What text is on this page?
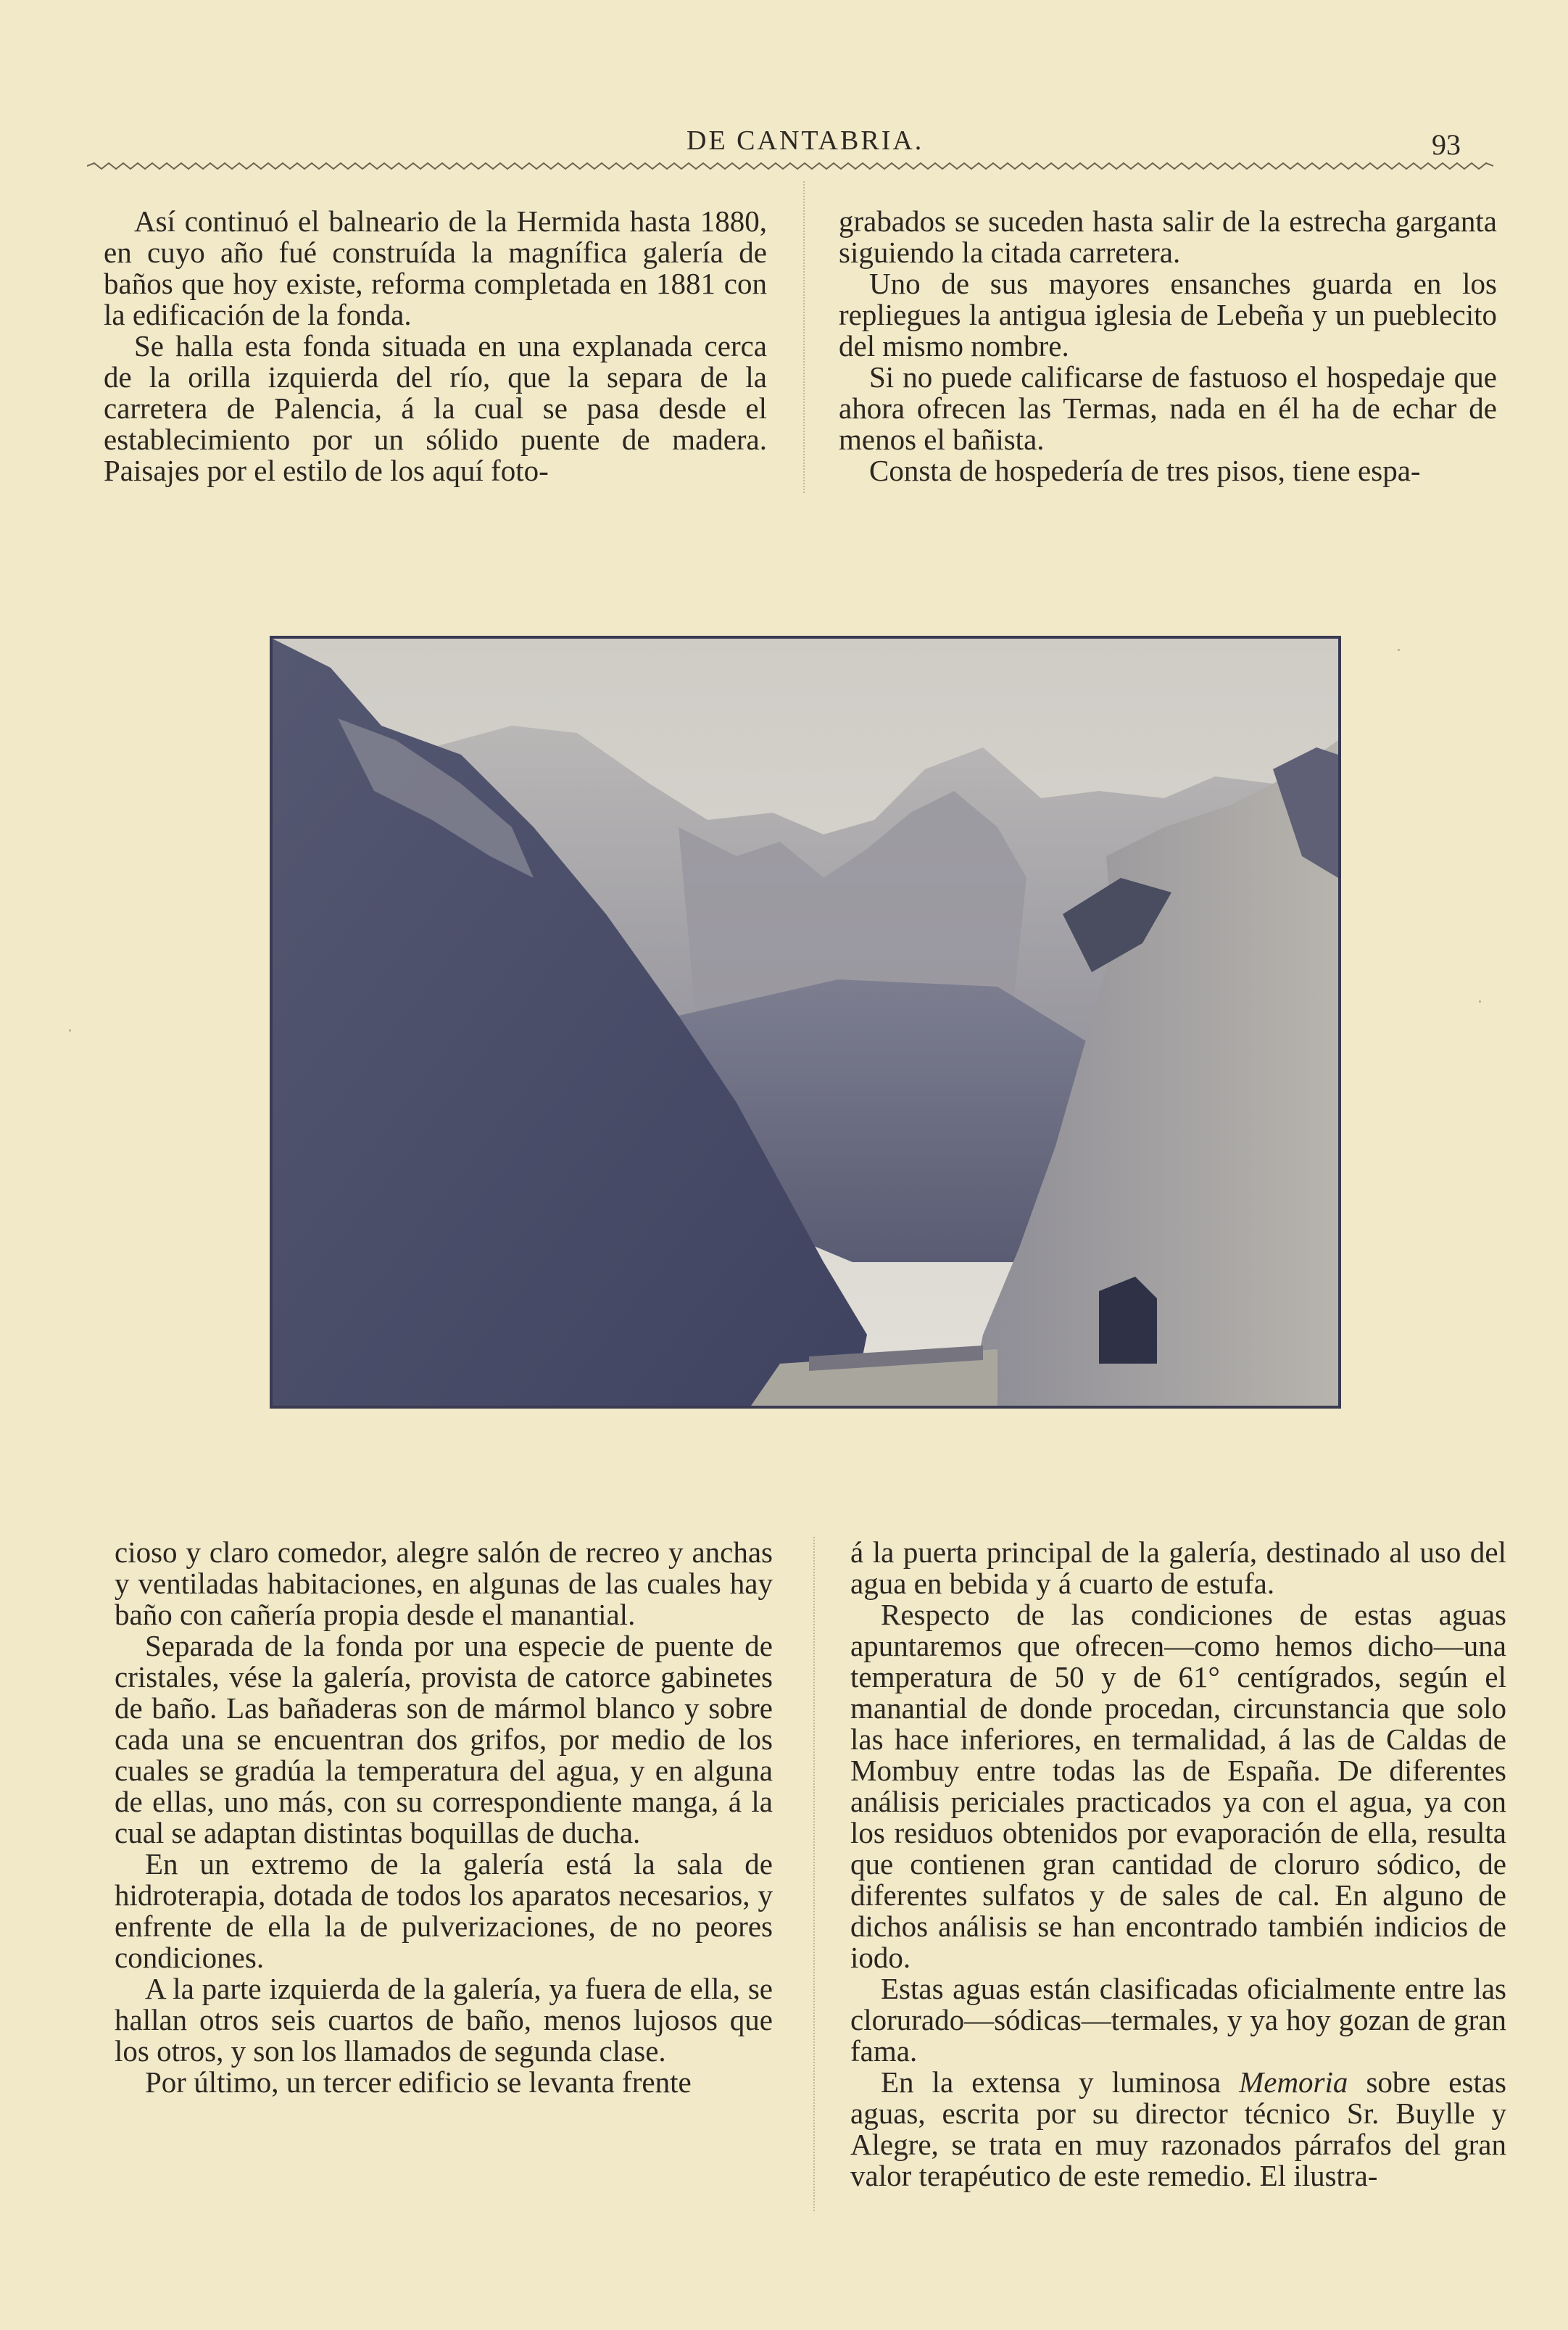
DE CANTABRIA.	93

Así continuó el balneario de la Hermida hasta 1880, en cuyo año fué construída la magnífica galería de baños que hoy existe, reforma completada en 1881 con la edificación de la fonda.

Se halla esta fonda situada en una explanada cerca de la orilla izquierda del río, que la separa de la carretera de Palencia, á la cual se pasa desde el establecimiento por un sólido puente de madera. Paisajes por el estilo de los aquí foto-

grabados se suceden hasta salir de la estrecha garganta siguiendo la citada carretera.

Uno de sus mayores ensanches guarda en los repliegues la antigua iglesia de Lebeña y un pueblecito del mismo nombre.

Si no puede calificarse de fastuoso el hospedaje que ahora ofrecen las Termas, nada en él ha de echar de menos el bañista.

Consta de hospedería de tres pisos, tiene espa-

cioso y claro comedor, alegre salón de recreo y anchas y ventiladas habitaciones, en algunas de las cuales hay baño con cañería propia desde el manantial.

Separada de la fonda por una especie de puente de cristales, vése la galería, provista de catorce gabinetes de baño. Las bañaderas son de mármol blanco y sobre cada una se encuentran dos grifos, por medio de los cuales se gradúa la temperatura del agua, y en alguna de ellas, uno más, con su correspondiente manga, á la cual se adaptan distintas boquillas de ducha.

En un extremo de la galería está la sala de hidroterapia, dotada de todos los aparatos necesarios, y enfrente de ella la de pulverizaciones, de no peores condiciones.

A la parte izquierda de la galería, ya fuera de ella, se hallan otros seis cuartos de baño, menos lujosos que los otros, y son los llamados de segunda clase.

Por último, un tercer edificio se levanta frente

á la puerta principal de la galería, destinado al uso del agua en bebida y á cuarto de estufa.

Respecto de las condiciones de estas aguas apuntaremos que ofrecen—como hemos dicho—una temperatura de 50 y de 61° centígrados, según el manantial de donde procedan, circunstancia que solo las hace inferiores, en termalidad, á las de Caldas de Mombuy entre todas las de España. De diferentes análisis periciales practicados ya con el agua, ya con los residuos obtenidos por evaporación de ella, resulta que contienen gran cantidad de cloruro sódico, de diferentes sulfatos y de sales de cal. En alguno de dichos análisis se han encontrado también indicios de iodo.

Estas aguas están clasificadas oficialmente entre las clorurado—sódicas—termales, y ya hoy gozan de gran fama.

En la extensa y luminosa Memoria sobre estas aguas, escrita por su director técnico Sr. Buylle y Alegre, se trata en muy razonados párrafos del gran valor terapéutico de este remedio. El ilustra-
